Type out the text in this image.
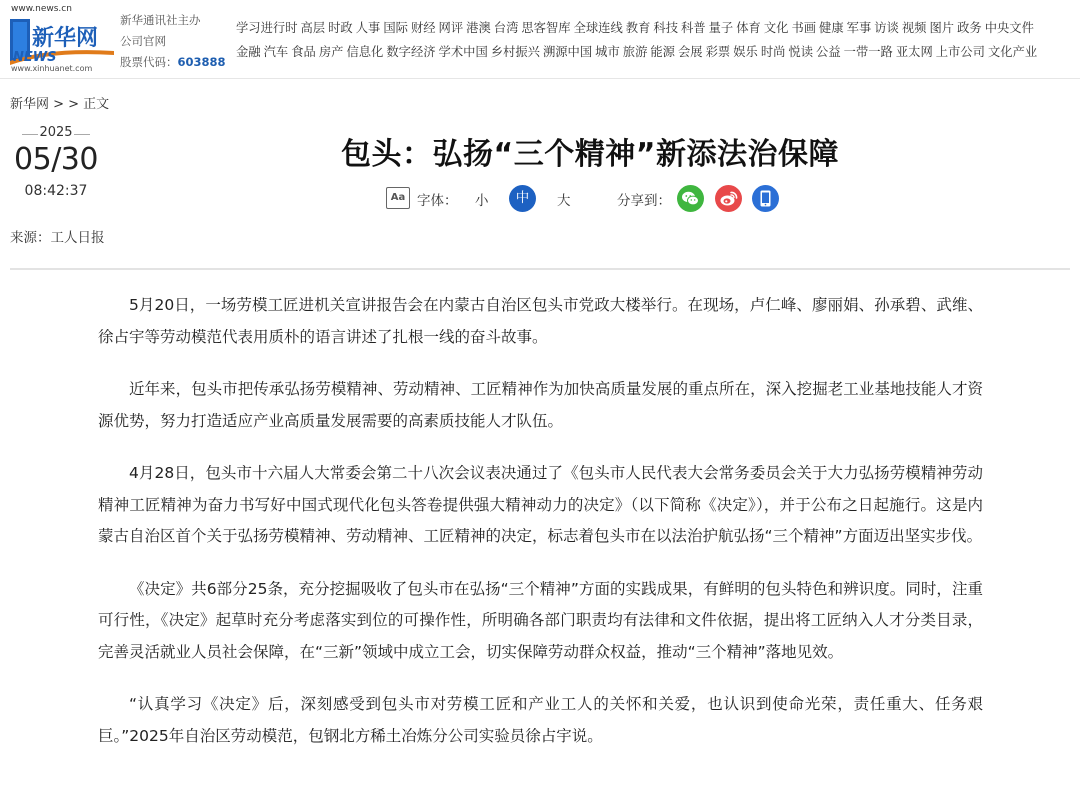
www.news.cn
新华网
NEWS
www.xinhuanet.com
新华通讯社主办
公司官网
股票代码：603888
学习进行时 高层 时政 人事 国际 财经 网评 港澳 台湾 思客智库 全球连线 教育 科技 科普 量子 体育 文化 书画 健康 军事 访谈 视频 图片 政务 中央文件
金融 汽车 食品 房产 信息化 数字经济 学术中国 乡村振兴 溯源中国 城市 旅游 能源 会展 彩票 娱乐 时尚 悦读 公益 一带一路 亚太网 上市公司 文化产业
新华网 > > 正文
2025
05/30
08:42:37
来源：工人日报
包头：弘扬“三个精神”新添法治保障
Aa 字体： 小	中	大	分享到：

5月20日，一场劳模工匠进机关宣讲报告会在内蒙古自治区包头市党政大楼举行。在现场，卢仁峰、廖丽娟、孙承碧、武维、徐占宇等劳动模范代表用质朴的语言讲述了扎根一线的奋斗故事。

近年来，包头市把传承弘扬劳模精神、劳动精神、工匠精神作为加快高质量发展的重点所在，深入挖掘老工业基地技能人才资源优势，努力打造适应产业高质量发展需要的高素质技能人才队伍。

4月28日，包头市十六届人大常委会第二十八次会议表决通过了《包头市人民代表大会常务委员会关于大力弘扬劳模精神劳动精神工匠精神为奋力书写好中国式现代化包头答卷提供强大精神动力的决定》（以下简称《决定》），并于公布之日起施行。这是内蒙古自治区首个关于弘扬劳模精神、劳动精神、工匠精神的决定，标志着包头市在以法治护航弘扬“三个精神”方面迈出坚实步伐。

《决定》共6部分25条，充分挖掘吸收了包头市在弘扬“三个精神”方面的实践成果，有鲜明的包头特色和辨识度。同时，注重可行性，《决定》起草时充分考虑落实到位的可操作性，所明确各部门职责均有法律和文件依据，提出将工匠纳入人才分类目录，完善灵活就业人员社会保障，在“三新”领域中成立工会，切实保障劳动群众权益，推动“三个精神”落地见效。

“认真学习《决定》后，深刻感受到包头市对劳模工匠和产业工人的关怀和关爱，也认识到使命光荣，责任重大、任务艰巨。”2025年自治区劳动模范，包钢北方稀土冶炼分公司实验员徐占宇说。
